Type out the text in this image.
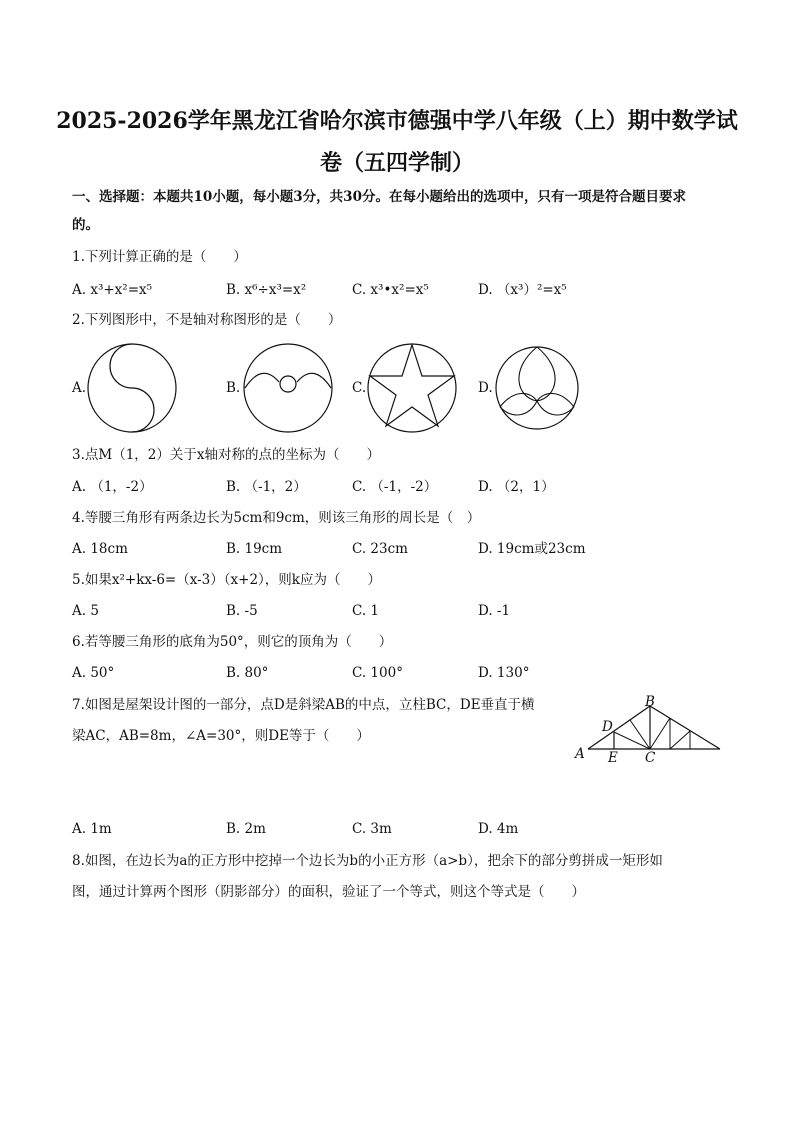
2025-2026学年黑龙江省哈尔滨市德强中学八年级（上）期中数学试
卷（五四学制）
一、选择题：本题共10小题，每小题3分，共30分。在每小题给出的选项中，只有一项是符合题目要求
的。
1.下列计算正确的是（　　）
A. x³+x²=x⁵	B. x⁶÷x³=x²	C. x³•x²=x⁵	D. （x³）²=x⁵
2.下列图形中，不是轴对称图形的是（　　）
A.	B.	C.	D.
3.点M（1，2）关于x轴对称的点的坐标为（　　）
A. （1，-2）	B. （-1，2）	C. （-1，-2）	D. （2，1）
4.等腰三角形有两条边长为5cm和9cm，则该三角形的周长是（　）
A. 18cm	B. 19cm	C. 23cm	D. 19cm或23cm
5.如果x²+kx-6=（x-3）（x+2），则k应为（　　）
A. 5	B. -5	C. 1	D. -1
6.若等腰三角形的底角为50°，则它的顶角为（　　）
A. 50°	B. 80°	C. 100°	D. 130°
7.如图是屋架设计图的一部分，点D是斜梁AB的中点，立柱BC，DE垂直于横
梁AC，AB=8m，∠A=30°，则DE等于（　　）
A
B
C
D
E
A. 1m	B. 2m	C. 3m	D. 4m
8.如图，在边长为a的正方形中挖掉一个边长为b的小正方形（a>b），把余下的部分剪拼成一矩形如
图，通过计算两个图形（阴影部分）的面积，验证了一个等式，则这个等式是（　　）
